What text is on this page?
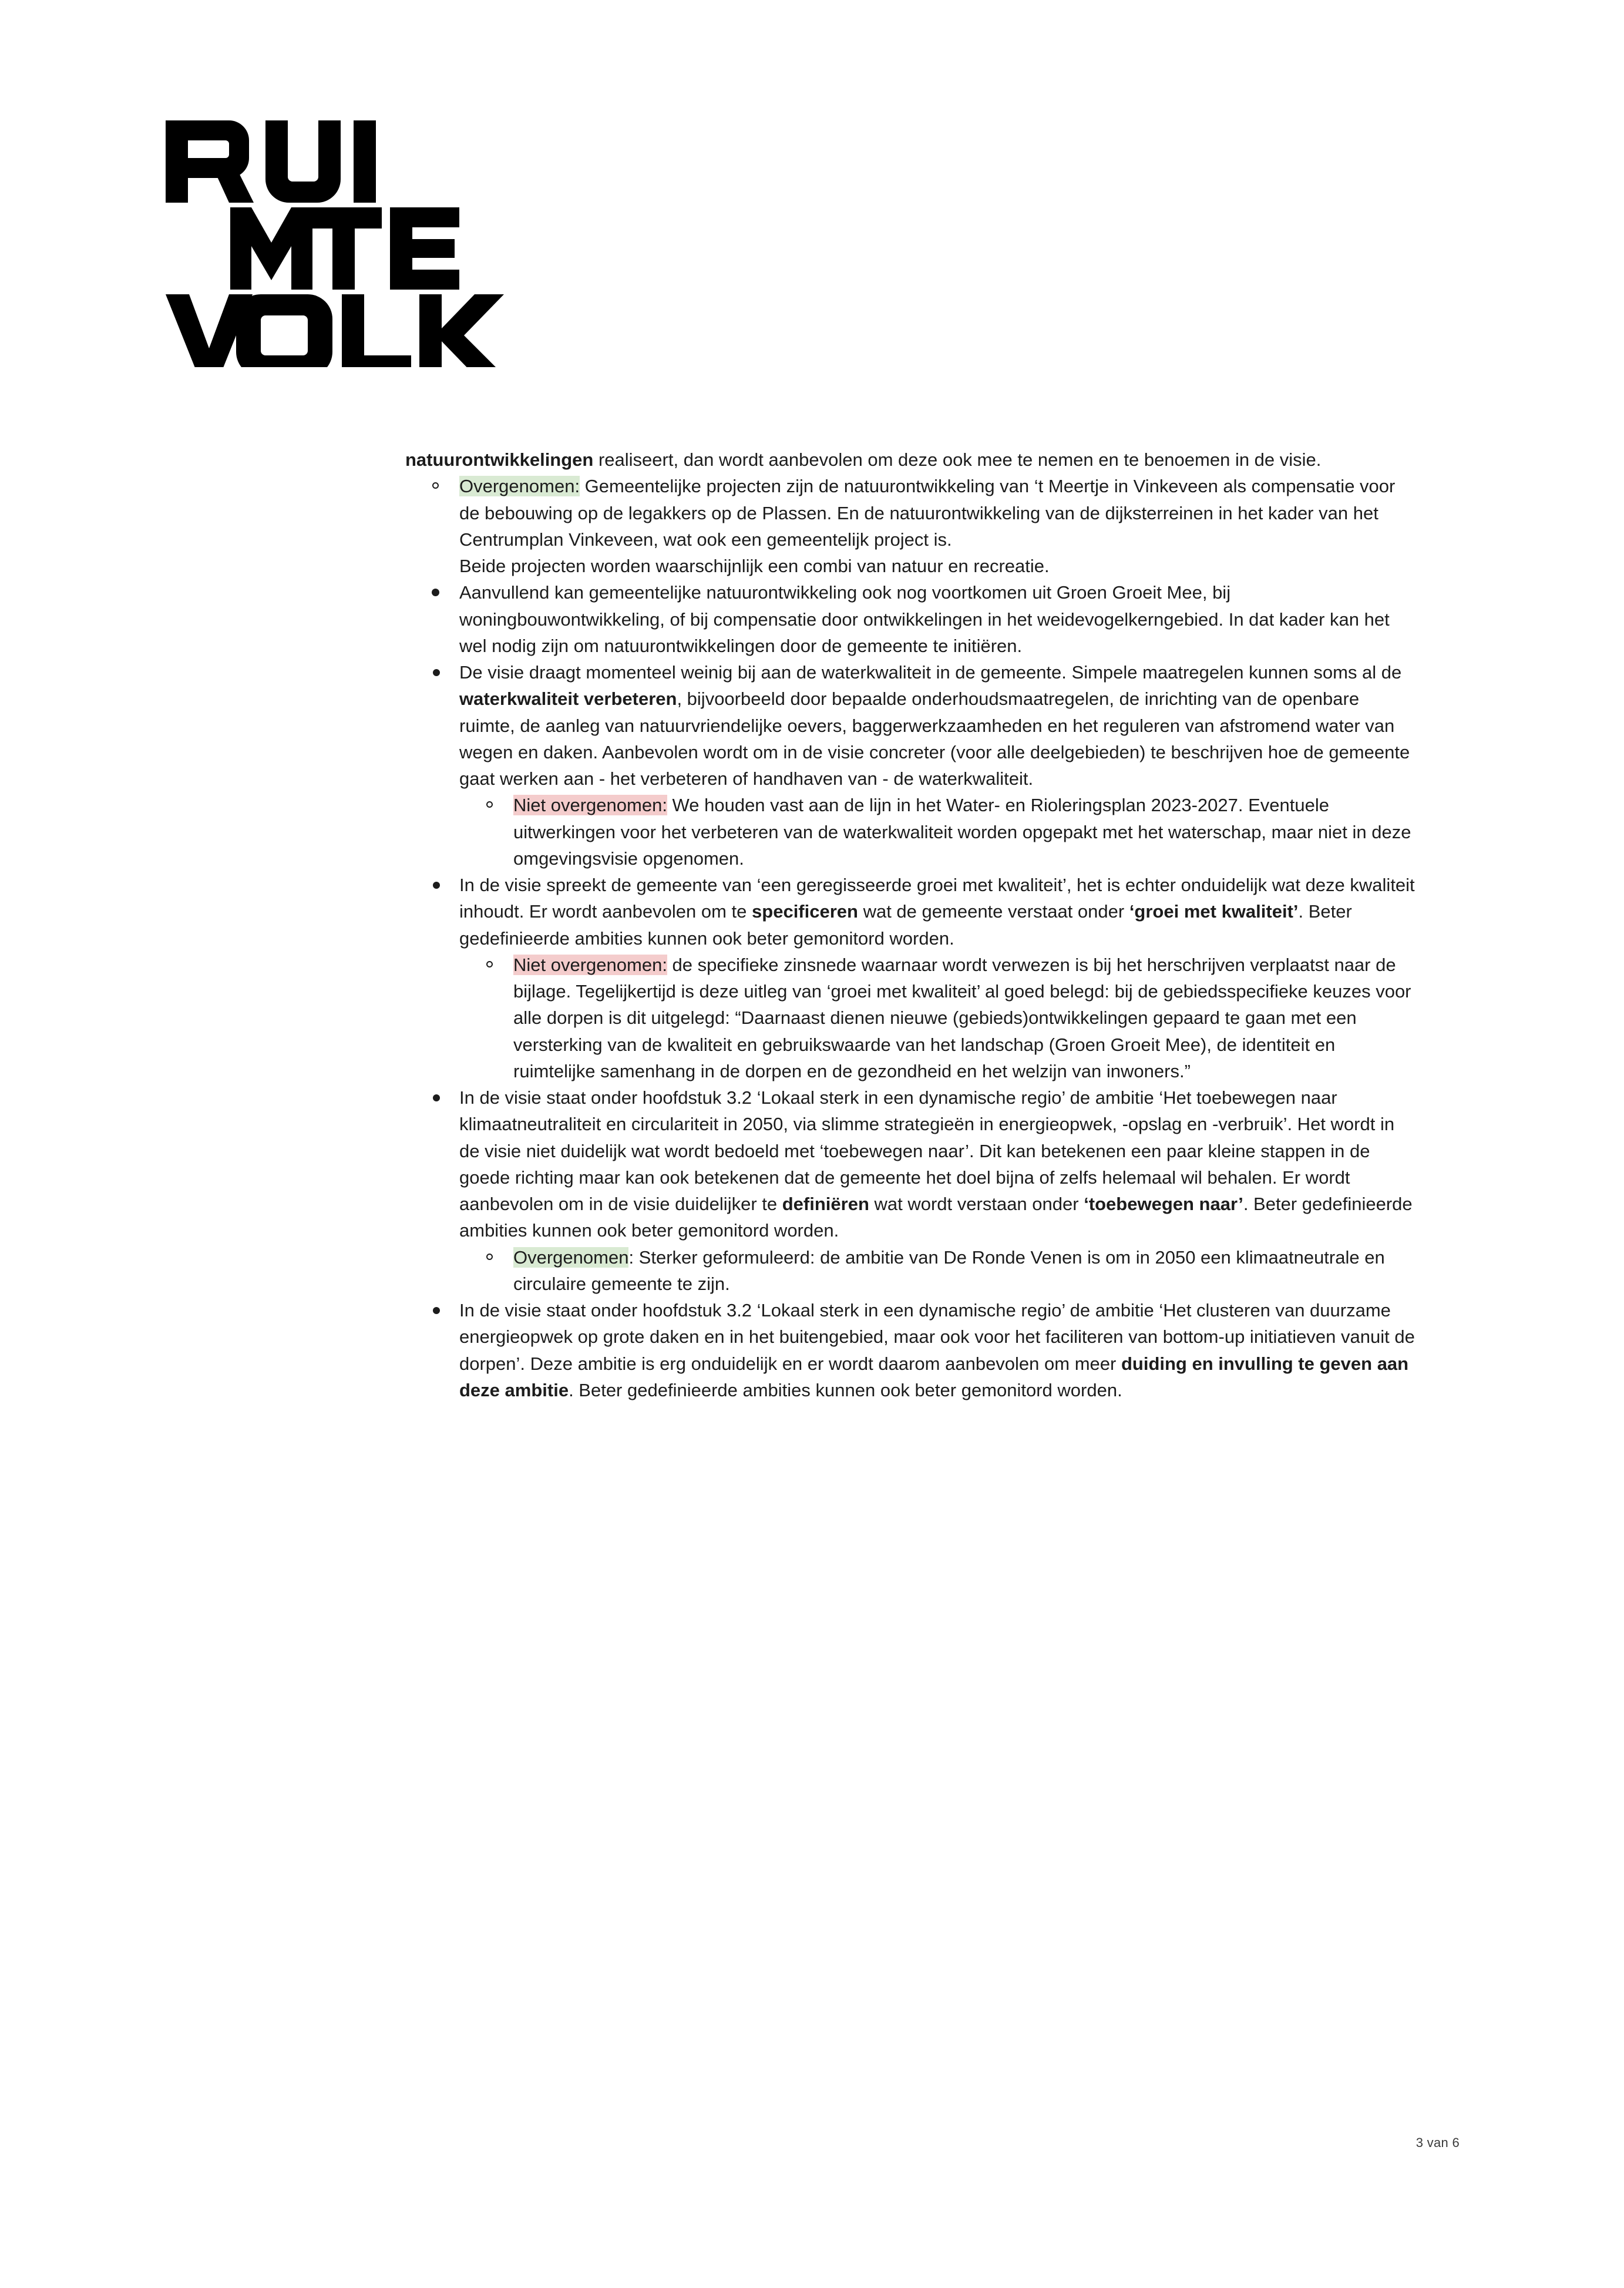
natuurontwikkelingen realiseert, dan wordt aanbevolen om deze ook mee te nemen en te benoemen in de visie.

Overgenomen: Gemeentelijke projecten zijn de natuurontwikkeling van ‘t Meertje in Vinkeveen als compensatie voor de bebouwing op de legakkers op de Plassen. En de natuurontwikkeling van de dijksterreinen in het kader van het Centrumplan Vinkeveen, wat ook een gemeentelijk project is.
Beide projecten worden waarschijnlijk een combi van natuur en recreatie.
Aanvullend kan gemeentelijke natuurontwikkeling ook nog voortkomen uit Groen Groeit Mee, bij woningbouwontwikkeling, of bij compensatie door ontwikkelingen in het weidevogelkerngebied. In dat kader kan het wel nodig zijn om natuurontwikkelingen door de gemeente te initiëren.
De visie draagt momenteel weinig bij aan de waterkwaliteit in de gemeente. Simpele maatregelen kunnen soms al de waterkwaliteit verbeteren, bijvoorbeeld door bepaalde onderhoudsmaatregelen, de inrichting van de openbare ruimte, de aanleg van natuurvriendelijke oevers, baggerwerkzaamheden en het reguleren van afstromend water van wegen en daken. Aanbevolen wordt om in de visie concreter (voor alle deelgebieden) te beschrijven hoe de gemeente gaat werken aan - het verbeteren of handhaven van - de waterkwaliteit.
Niet overgenomen: We houden vast aan de lijn in het Water- en Rioleringsplan 2023-2027. Eventuele uitwerkingen voor het verbeteren van de waterkwaliteit worden opgepakt met het waterschap, maar niet in deze omgevingsvisie opgenomen.
In de visie spreekt de gemeente van ‘een geregisseerde groei met kwaliteit’, het is echter onduidelijk wat deze kwaliteit inhoudt. Er wordt aanbevolen om te specificeren wat de gemeente verstaat onder ‘groei met kwaliteit’. Beter gedefinieerde ambities kunnen ook beter gemonitord worden.
Niet overgenomen: de specifieke zinsnede waarnaar wordt verwezen is bij het herschrijven verplaatst naar de bijlage. Tegelijkertijd is deze uitleg van ‘groei met kwaliteit’ al goed belegd: bij de gebiedsspecifieke keuzes voor alle dorpen is dit uitgelegd: “Daarnaast dienen nieuwe (gebieds)ontwikkelingen gepaard te gaan met een versterking van de kwaliteit en gebruikswaarde van het landschap (Groen Groeit Mee), de identiteit en ruimtelijke samenhang in de dorpen en de gezondheid en het welzijn van inwoners.”
In de visie staat onder hoofdstuk 3.2 ‘Lokaal sterk in een dynamische regio’ de ambitie ‘Het toebewegen naar klimaatneutraliteit en circulariteit in 2050, via slimme strategieën in energieopwek, -opslag en -verbruik’. Het wordt in de visie niet duidelijk wat wordt bedoeld met ‘toebewegen naar’. Dit kan betekenen een paar kleine stappen in de goede richting maar kan ook betekenen dat de gemeente het doel bijna of zelfs helemaal wil behalen. Er wordt aanbevolen om in de visie duidelijker te definiëren wat wordt verstaan onder ‘toebewegen naar’. Beter gedefinieerde ambities kunnen ook beter gemonitord worden.
Overgenomen: Sterker geformuleerd: de ambitie van De Ronde Venen is om in 2050 een klimaatneutrale en circulaire gemeente te zijn.
In de visie staat onder hoofdstuk 3.2 ‘Lokaal sterk in een dynamische regio’ de ambitie ‘Het clusteren van duurzame energieopwek op grote daken en in het buitengebied, maar ook voor het faciliteren van bottom-up initiatieven vanuit de dorpen’. Deze ambitie is erg onduidelijk en er wordt daarom aanbevolen om meer duiding en invulling te geven aan deze ambitie. Beter gedefinieerde ambities kunnen ook beter gemonitord worden.
3 van 6
